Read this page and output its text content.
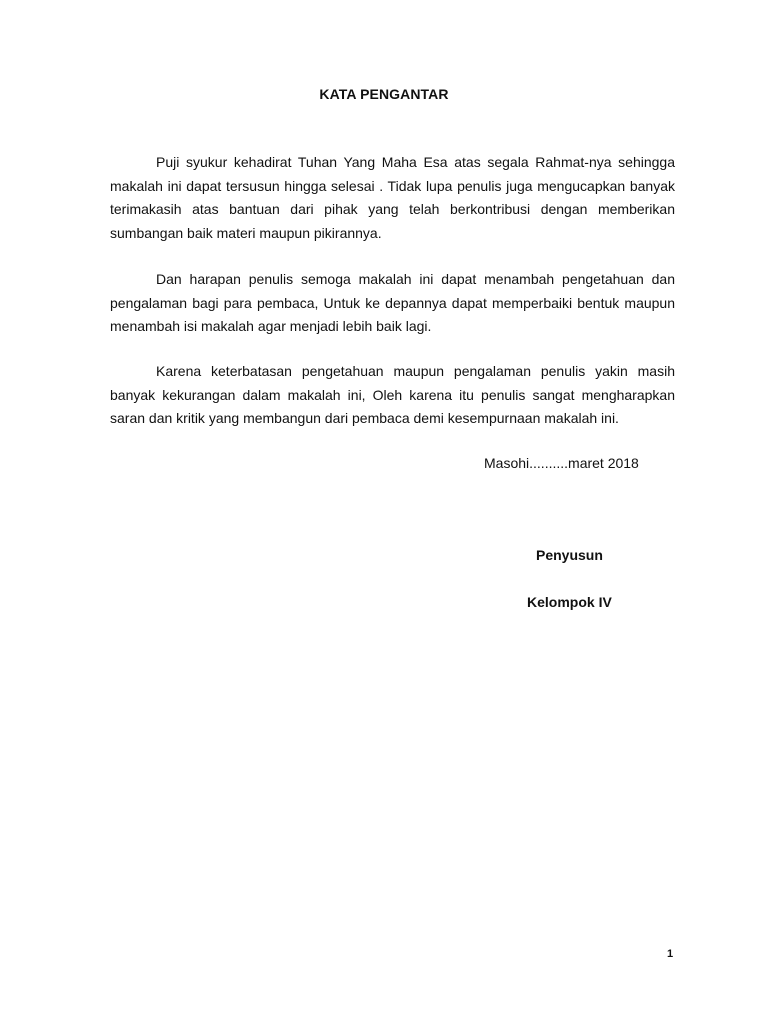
KATA PENGANTAR

Puji syukur kehadirat Tuhan Yang Maha Esa atas segala Rahmat-nya sehingga makalah ini dapat tersusun hingga selesai . Tidak lupa penulis juga mengucapkan banyak terimakasih atas bantuan dari pihak yang telah berkontribusi dengan memberikan sumbangan baik materi maupun pikirannya.

Dan harapan penulis semoga makalah ini dapat menambah pengetahuan dan pengalaman bagi para pembaca, Untuk ke depannya dapat memperbaiki bentuk maupun menambah isi makalah agar menjadi lebih baik lagi.

Karena keterbatasan pengetahuan maupun pengalaman penulis yakin masih banyak kekurangan dalam makalah ini, Oleh karena itu penulis sangat mengharapkan saran dan kritik yang membangun dari pembaca demi kesempurnaan makalah ini.

Masohi..........maret 2018
Penyusun
Kelompok IV
1
